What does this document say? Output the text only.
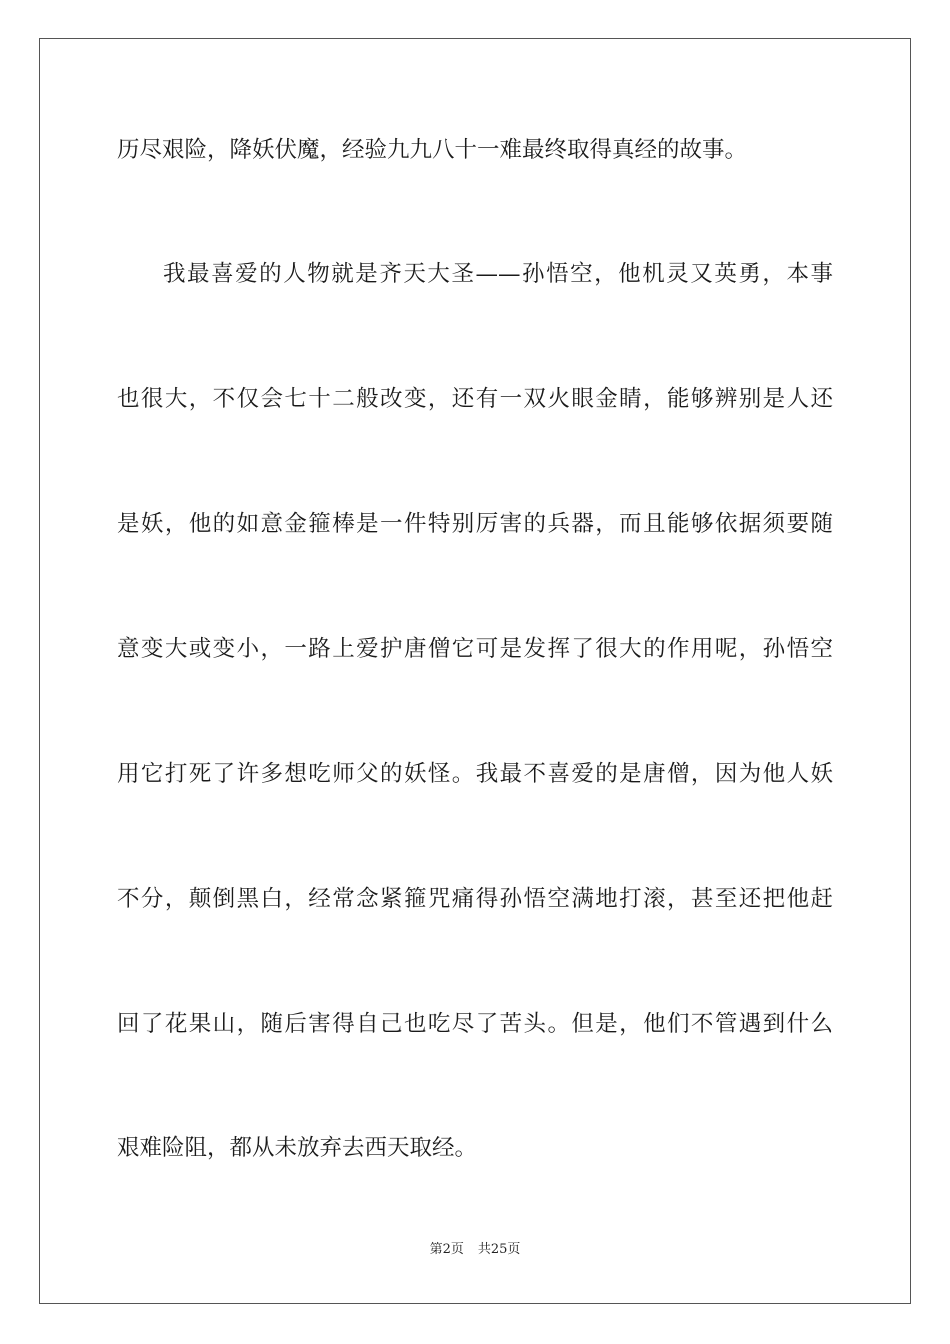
历尽艰险，降妖伏魔，经验九九八十一难最终取得真经的故事。
我最喜爱的人物就是齐天大圣——孙悟空，他机灵又英勇，本事
也很大，不仅会七十二般改变，还有一双火眼金睛，能够辨别是人还
是妖，他的如意金箍棒是一件特别厉害的兵器，而且能够依据须要随
意变大或变小，一路上爱护唐僧它可是发挥了很大的作用呢，孙悟空
用它打死了许多想吃师父的妖怪。我最不喜爱的是唐僧，因为他人妖
不分，颠倒黑白，经常念紧箍咒痛得孙悟空满地打滚，甚至还把他赶
回了花果山，随后害得自己也吃尽了苦头。但是，他们不管遇到什么
艰难险阻，都从未放弃去西天取经。
第2页 共25页
